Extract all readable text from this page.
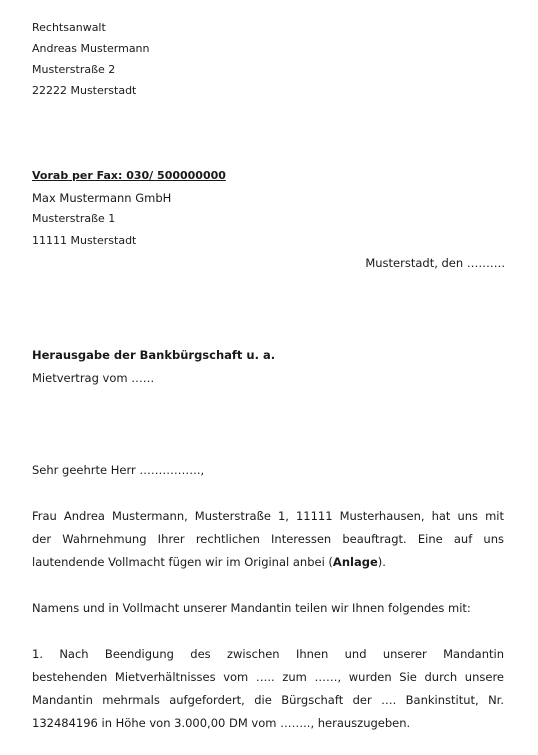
Rechtsanwalt
Andreas Mustermann
Musterstraße 2
22222 Musterstadt
Vorab per Fax: 030/ 500000000
Max Mustermann GmbH
Musterstraße 1
11111 Musterstadt
Musterstadt, den ……….
Herausgabe der Bankbürgschaft u. a.
Mietvertrag vom ……
Sehr geehrte Herr …………….,
Frau Andrea Mustermann, Musterstraße 1, 11111 Musterhausen, hat uns mit
der Wahrnehmung Ihrer rechtlichen Interessen beauftragt. Eine auf uns
lautendende Vollmacht fügen wir im Original anbei (Anlage).
Namens und in Vollmacht unserer Mandantin teilen wir Ihnen folgendes mit:
1. Nach Beendigung des zwischen Ihnen und unserer Mandantin
bestehenden Mietverhältnisses vom ….. zum ……, wurden Sie durch unsere
Mandantin mehrmals aufgefordert, die Bürgschaft der …. Bankinstitut, Nr.
132484196 in Höhe von 3.000,00 DM vom …….., herauszugeben.
